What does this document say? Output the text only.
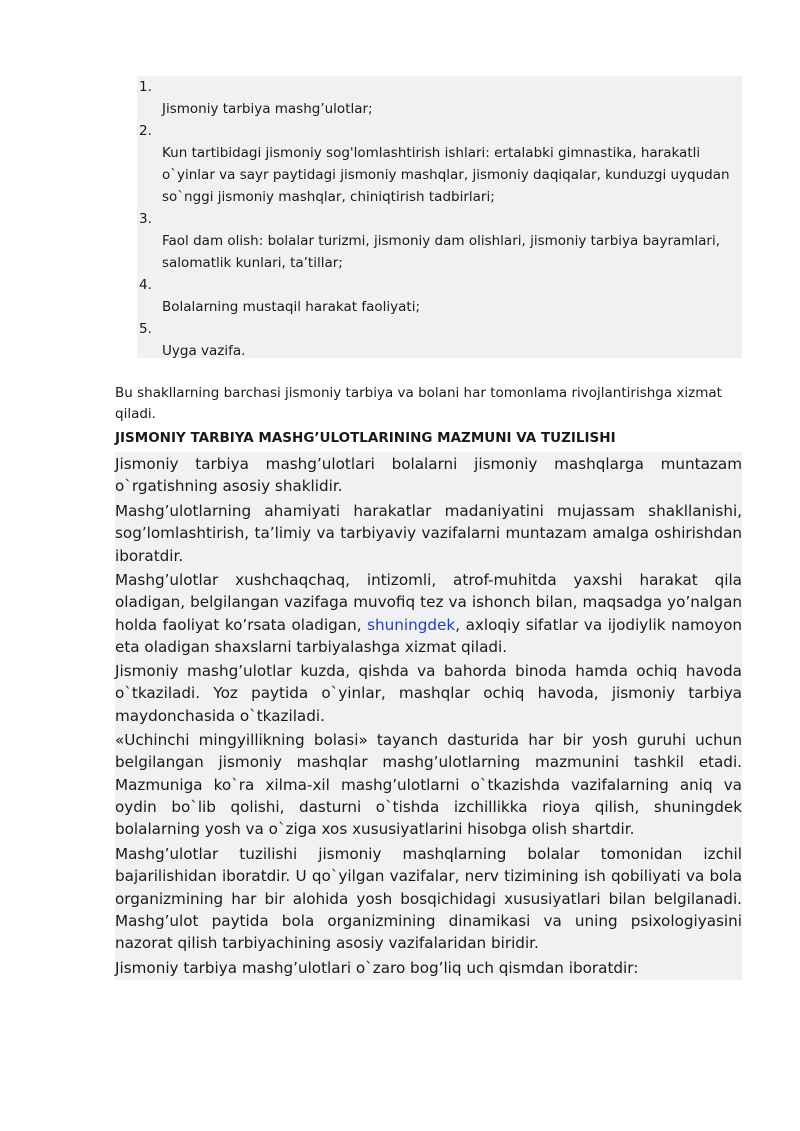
1.
Jismoniy tarbiya mashg’ulotlar;
2.
Kun tartibidagi jismoniy sog'lomlashtirish ishlari: ertalabki gimnastika, harakatli o`yinlar va sayr paytidagi jismoniy mashqlar, jismoniy daqiqalar, kunduzgi uyqudan so`nggi jismoniy mashqlar, chiniqtirish tadbirlari;
3.
Faol dam olish: bolalar turizmi, jismoniy dam olishlari, jismoniy tarbiya bayramlari, salomatlik kunlari, ta’tillar;
4.
Bolalarning mustaqil harakat faoliyati;
5.
Uyga vazifa.
Bu shakllarning barchasi jismoniy tarbiya va bolani har tomonlama rivojlantirishga xizmat qiladi.
JISMONIY TARBIYA MASHG’ULOTLARINING MAZMUNI VA TUZILISHI
Jismoniy tarbiya mashg’ulotlari bolalarni jismoniy mashqlarga muntazam o`rgatishning asosiy shaklidir.
Mashg’ulotlarning ahamiyati harakatlar madaniyatini mujassam shakllanishi, sog’lomlashtirish, ta’limiy va tarbiyaviy vazifalarni muntazam amalga oshirishdan iboratdir.
Mashg’ulotlar xushchaqchaq, intizomli, atrof-muhitda yaxshi harakat qila oladigan, belgilangan vazifaga muvofiq tez va ishonch bilan, maqsadga yo’nalgan holda faoliyat ko’rsata oladigan, shuningdek, axloqiy sifatlar va ijodiylik namoyon eta oladigan shaxslarni tarbiyalashga xizmat qiladi.
Jismoniy mashg’ulotlar kuzda, qishda va bahorda binoda hamda ochiq havoda o`tkaziladi. Yoz paytida o`yinlar, mashqlar ochiq havoda, jismoniy tarbiya maydonchasida o`tkaziladi.
«Uchinchi mingyillikning bolasi» tayanch dasturida har bir yosh guruhi uchun belgilangan jismoniy mashqlar mashg’ulotlarning mazmunini tashkil etadi. Mazmuniga ko`ra xilma-xil mashg’ulotlarni o`tkazishda vazifalarning aniq va oydin bo`lib qolishi, dasturni o`tishda izchillikka rioya qilish, shuningdek bolalarning yosh va o`ziga xos xususiyatlarini hisobga olish shartdir.
Mashg’ulotlar tuzilishi jismoniy mashqlarning bolalar tomonidan izchil bajarilishidan iboratdir. U qo`yilgan vazifalar, nerv tizimining ish qobiliyati va bola organizmining har bir alohida yosh bosqichidagi xususiyatlari bilan belgilanadi. Mashg’ulot paytida bola organizmining dinamikasi va uning psixologiyasini nazorat qilish tarbiyachining asosiy vazifalaridan biridir.
Jismoniy tarbiya mashg’ulotlari o`zaro bog’liq uch qismdan iboratdir:
